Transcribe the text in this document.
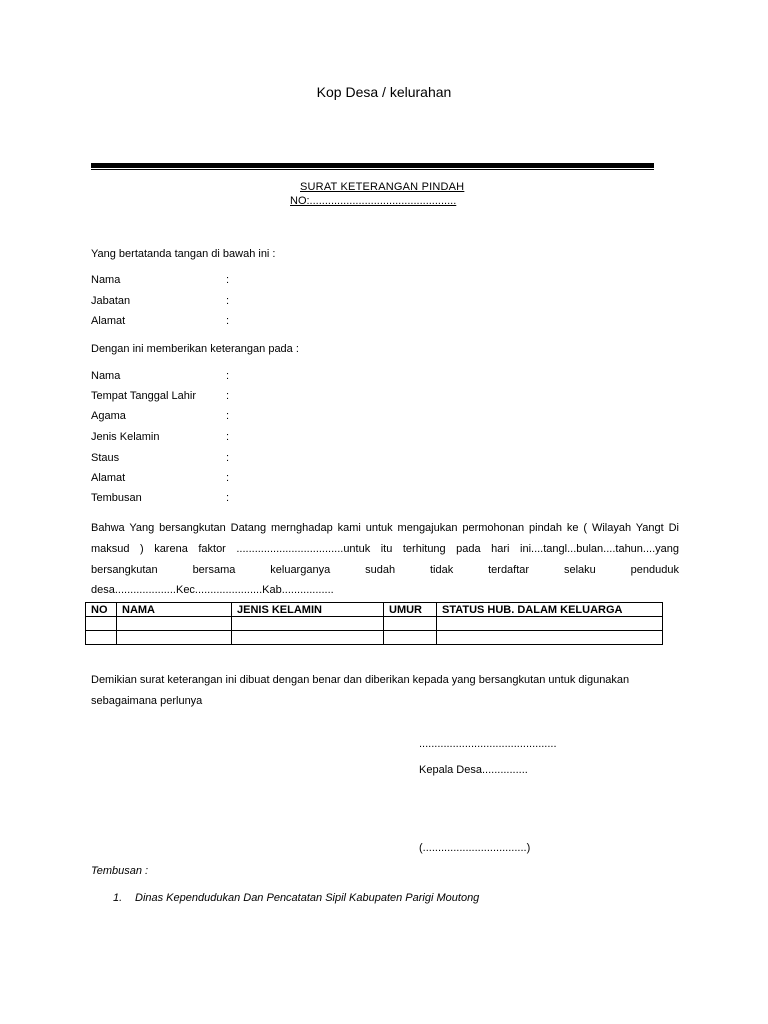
Kop Desa / kelurahan
SURAT KETERANGAN PINDAH
NO:................................................
Yang bertatanda tangan di bawah ini :
Nama	:
Jabatan	:
Alamat	:
Dengan ini memberikan keterangan pada :
Nama	:
Tempat Tanggal Lahir	:
Agama	:
Jenis Kelamin	:
Staus	:
Alamat	:
Tembusan	:
Bahwa Yang bersangkutan Datang mernghadap kami untuk mengajukan permohonan pindah ke ( Wilayah Yangt Di maksud ) karena faktor ...................................untuk itu terhitung pada hari ini....tangl...bulan....tahun....yang bersangkutan bersama keluarganya sudah tidak terdaftar selaku penduduk desa....................Kec......................Kab.................
NO	NAMA	JENIS KELAMIN	UMUR	STATUS HUB. DALAM KELUARGA

Demikian surat keterangan ini dibuat dengan benar dan diberikan kepada yang bersangkutan untuk digunakan sebagaimana perlunya
.............................................
Kepala Desa...............
(..................................)
Tembusan :
1. Dinas Kependudukan Dan Pencatatan Sipil Kabupaten Parigi Moutong
